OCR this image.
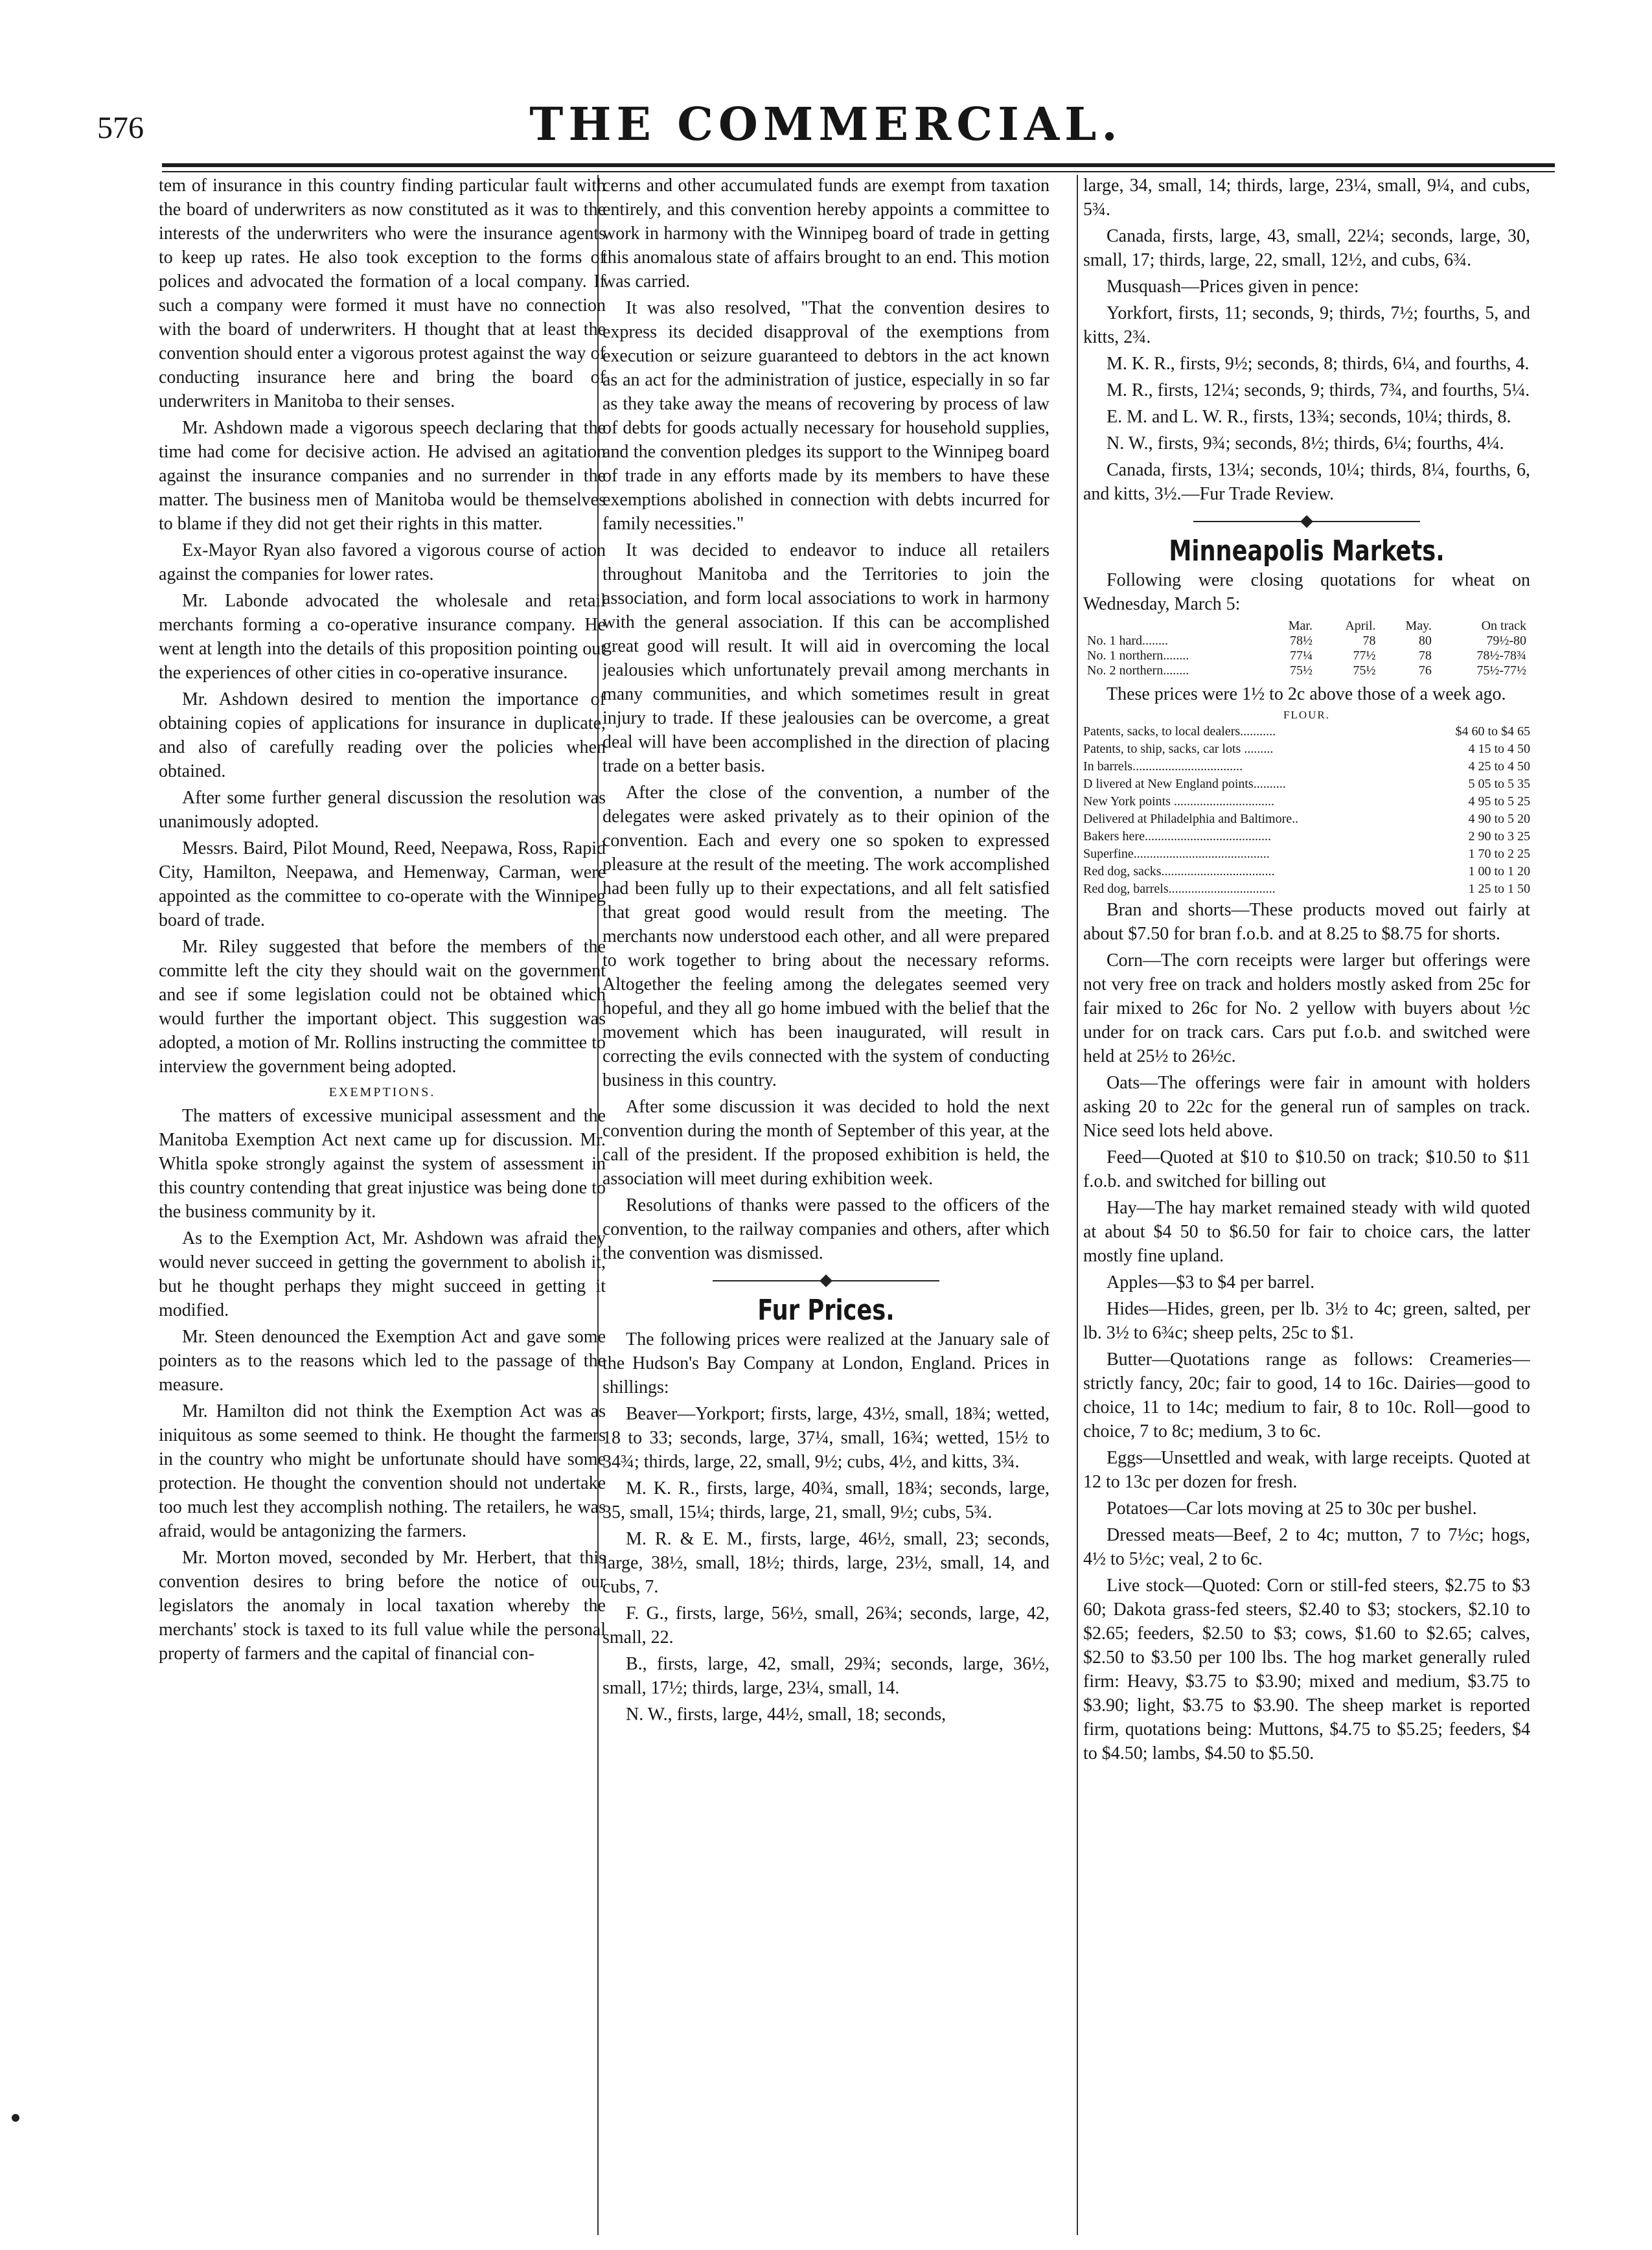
576	THE COMMERCIAL.

tem of insurance in this country finding particular fault with the board of underwriters as now constituted as it was to the interests of the underwriters who were the insurance agents to keep up rates. He also took exception to the forms of polices and advocated the formation of a local company. If such a company were formed it must have no connection with the board of underwriters. H thought that at least the convention should enter a vigorous protest against the way of conducting insurance here and bring the board of underwriters in Manitoba to their senses.

Mr. Ashdown made a vigorous speech declaring that the time had come for decisive action. He advised an agitation against the insurance companies and no surrender in the matter. The business men of Manitoba would be themselves to blame if they did not get their rights in this matter.

Ex-Mayor Ryan also favored a vigorous course of action against the companies for lower rates.

Mr. Labonde advocated the wholesale and retail merchants forming a co-operative insurance company. He went at length into the details of this proposition pointing out the experiences of other cities in co-operative insurance.

Mr. Ashdown desired to mention the importance of obtaining copies of applications for insurance in duplicate, and also of carefully reading over the policies when obtained.

After some further general discussion the resolution was unanimously adopted.

Messrs. Baird, Pilot Mound, Reed, Neepawa, Ross, Rapid City, Hamilton, Neepawa, and Hemenway, Carman, were appointed as the committee to co-operate with the Winnipeg board of trade.

Mr. Riley suggested that before the members of the committe left the city they should wait on the government and see if some legislation could not be obtained which would further the important object. This suggestion was adopted, a motion of Mr. Rollins instructing the committee to interview the government being adopted.

EXEMPTIONS.

The matters of excessive municipal assessment and the Manitoba Exemption Act next came up for discussion. Mr. Whitla spoke strongly against the system of assessment in this country contending that great injustice was being done to the business community by it.

As to the Exemption Act, Mr. Ashdown was afraid they would never succeed in getting the government to abolish it, but he thought perhaps they might succeed in getting it modified.

Mr. Steen denounced the Exemption Act and gave some pointers as to the reasons which led to the passage of the measure.

Mr. Hamilton did not think the Exemption Act was as iniquitous as some seemed to think. He thought the farmers in the country who might be unfortunate should have some protection. He thought the convention should not undertake too much lest they accomplish nothing. The retailers, he was afraid, would be antagonizing the farmers.

Mr. Morton moved, seconded by Mr. Herbert, that this convention desires to bring before the notice of our legislators the anomaly in local taxation whereby the merchants' stock is taxed to its full value while the personal property of farmers and the capital of financial con-

cerns and other accumulated funds are exempt from taxation entirely, and this convention hereby appoints a committee to work in harmony with the Winnipeg board of trade in getting this anomalous state of affairs brought to an end. This motion was carried.

It was also resolved, "That the convention desires to express its decided disapproval of the exemptions from execution or seizure guaranteed to debtors in the act known as an act for the administration of justice, especially in so far as they take away the means of recovering by process of law of debts for goods actually necessary for household supplies, and the convention pledges its support to the Winnipeg board of trade in any efforts made by its members to have these exemptions abolished in connection with debts incurred for family necessities."

It was decided to endeavor to induce all retailers throughout Manitoba and the Territories to join the association, and form local associations to work in harmony with the general association. If this can be accomplished great good will result. It will aid in overcoming the local jealousies which unfortunately prevail among merchants in many communities, and which sometimes result in great injury to trade. If these jealousies can be overcome, a great deal will have been accomplished in the direction of placing trade on a better basis.

After the close of the convention, a number of the delegates were asked privately as to their opinion of the convention. Each and every one so spoken to expressed pleasure at the result of the meeting. The work accomplished had been fully up to their expectations, and all felt satisfied that great good would result from the meeting. The merchants now understood each other, and all were prepared to work together to bring about the necessary reforms. Altogether the feeling among the delegates seemed very hopeful, and they all go home imbued with the belief that the movement which has been inaugurated, will result in correcting the evils connected with the system of conducting business in this country.

After some discussion it was decided to hold the next convention during the month of September of this year, at the call of the president. If the proposed exhibition is held, the association will meet during exhibition week.

Resolutions of thanks were passed to the officers of the convention, to the railway companies and others, after which the convention was dismissed.

Fur Prices.

The following prices were realized at the January sale of the Hudson's Bay Company at London, England. Prices in shillings:

Beaver—Yorkport; firsts, large, 43½, small, 18¾; wetted, 18 to 33; seconds, large, 37¼, small, 16¾; wetted, 15½ to 34¾; thirds, large, 22, small, 9½; cubs, 4½, and kitts, 3¾.

M. K. R., firsts, large, 40¾, small, 18¾; seconds, large, 35, small, 15¼; thirds, large, 21, small, 9½; cubs, 5¾.

M. R. & E. M., firsts, large, 46½, small, 23; seconds, large, 38½, small, 18½; thirds, large, 23½, small, 14, and cubs, 7.

F. G., firsts, large, 56½, small, 26¾; seconds, large, 42, small, 22.

B., firsts, large, 42, small, 29¾; seconds, large, 36½, small, 17½; thirds, large, 23¼, small, 14.

N. W., firsts, large, 44½, small, 18; seconds,

large, 34, small, 14; thirds, large, 23¼, small, 9¼, and cubs, 5¾.

Canada, firsts, large, 43, small, 22¼; seconds, large, 30, small, 17; thirds, large, 22, small, 12½, and cubs, 6¾.

Musquash—Prices given in pence:

Yorkfort, firsts, 11; seconds, 9; thirds, 7½; fourths, 5, and kitts, 2¾.

M. K. R., firsts, 9½; seconds, 8; thirds, 6¼, and fourths, 4.

M. R., firsts, 12¼; seconds, 9; thirds, 7¾, and fourths, 5¼.

E. M. and L. W. R., firsts, 13¾; seconds, 10¼; thirds, 8.

N. W., firsts, 9¾; seconds, 8½; thirds, 6¼; fourths, 4¼.

Canada, firsts, 13¼; seconds, 10¼; thirds, 8¼, fourths, 6, and kitts, 3½.—Fur Trade Review.

Minneapolis Markets.

Following were closing quotations for wheat on Wednesday, March 5:

	Mar.	April.	May.	On track
No. 1 hard........	78½	78	80	79½-80
No. 1 northern........	77¼	77½	78	78½-78¾
No. 2 northern........	75½	75½	76	75½-77½

These prices were 1½ to 2c above those of a week ago.

FLOUR.
Patents, sacks, to local dealers...........	$4 60 to $4 65
Patents, to ship, sacks, car lots .........	4 15 to 4 50
In barrels..................................	4 25 to 4 50
D livered at New England points..........	5 05 to 5 35
New York points ...............................	4 95 to 5 25
Delivered at Philadelphia and Baltimore..	4 90 to 5 20
Bakers here.......................................	2 90 to 3 25
Superfine..........................................	1 70 to 2 25
Red dog, sacks...................................	1 00 to 1 20
Red dog, barrels.................................	1 25 to 1 50

Bran and shorts—These products moved out fairly at about $7.50 for bran f.o.b. and at 8.25 to $8.75 for shorts.

Corn—The corn receipts were larger but offerings were not very free on track and holders mostly asked from 25c for fair mixed to 26c for No. 2 yellow with buyers about ½c under for on track cars. Cars put f.o.b. and switched were held at 25½ to 26½c.

Oats—The offerings were fair in amount with holders asking 20 to 22c for the general run of samples on track. Nice seed lots held above.

Feed—Quoted at $10 to $10.50 on track; $10.50 to $11 f.o.b. and switched for billing out

Hay—The hay market remained steady with wild quoted at about $4 50 to $6.50 for fair to choice cars, the latter mostly fine upland.

Apples—$3 to $4 per barrel.

Hides—Hides, green, per lb. 3½ to 4c; green, salted, per lb. 3½ to 6¾c; sheep pelts, 25c to $1.

Butter—Quotations range as follows: Creameries—strictly fancy, 20c; fair to good, 14 to 16c. Dairies—good to choice, 11 to 14c; medium to fair, 8 to 10c. Roll—good to choice, 7 to 8c; medium, 3 to 6c.

Eggs—Unsettled and weak, with large receipts. Quoted at 12 to 13c per dozen for fresh.

Potatoes—Car lots moving at 25 to 30c per bushel.

Dressed meats—Beef, 2 to 4c; mutton, 7 to 7½c; hogs, 4½ to 5½c; veal, 2 to 6c.

Live stock—Quoted: Corn or still-fed steers, $2.75 to $3 60; Dakota grass-fed steers, $2.40 to $3; stockers, $2.10 to $2.65; feeders, $2.50 to $3; cows, $1.60 to $2.65; calves, $2.50 to $3.50 per 100 lbs. The hog market generally ruled firm: Heavy, $3.75 to $3.90; mixed and medium, $3.75 to $3.90; light, $3.75 to $3.90. The sheep market is reported firm, quotations being: Muttons, $4.75 to $5.25; feeders, $4 to $4.50; lambs, $4.50 to $5.50.
